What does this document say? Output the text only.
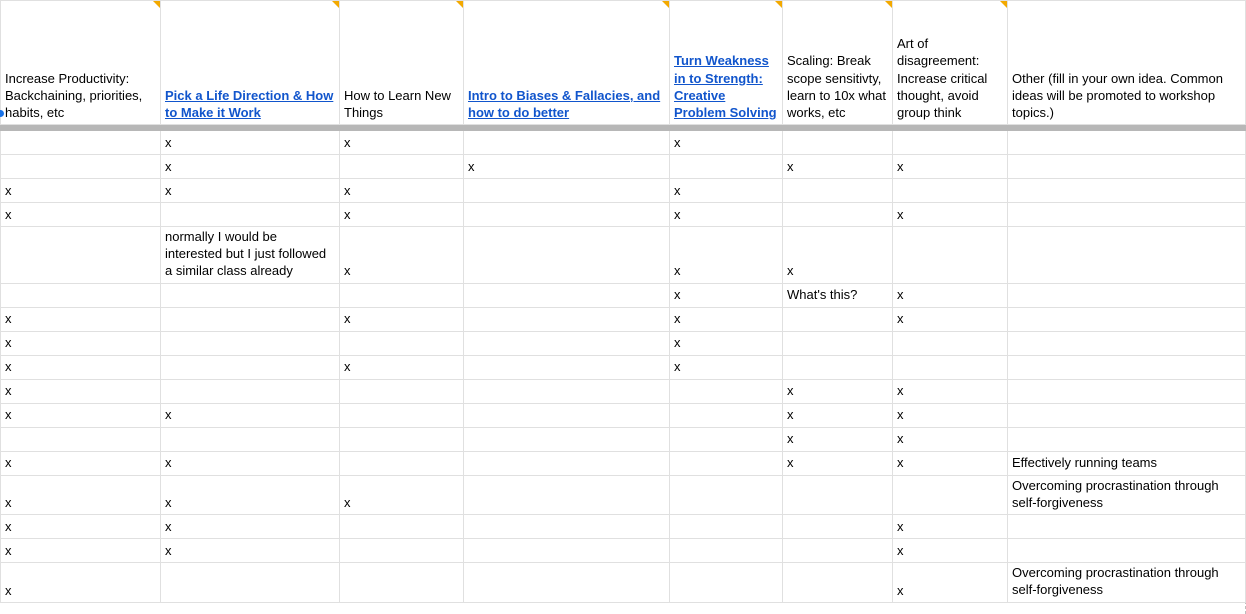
Increase Productivity: Backchaining, priorities, habits, etc	Pick a Life Direction & How to Make it Work	How to Learn New Things	Intro to Biases & Fallacies, and how to do better	Turn Weakness in to Strength: Creative Problem Solving	Scaling: Break scope sensitivty, learn to 10x what works, etc	Art of disagreement: Increase critical thought, avoid group think	Other (fill in your own idea. Common ideas will be promoted to workshop topics.)

	x	x		x			
	x		x		x	x	
x	x	x		x			
x		x		x		x	
	normally I would be interested but I just followed a similar class already	x		x	x		
				x	What's this?	x	
x		x		x		x	
x				x			
x		x		x			
x					x	x	
x	x				x	x	
					x	x	
x	x				x	x	Effectively running teams
x	x	x					Overcoming procrastination through self-forgiveness
x	x					x	
x	x					x	
x						x	Overcoming procrastination through self-forgiveness
